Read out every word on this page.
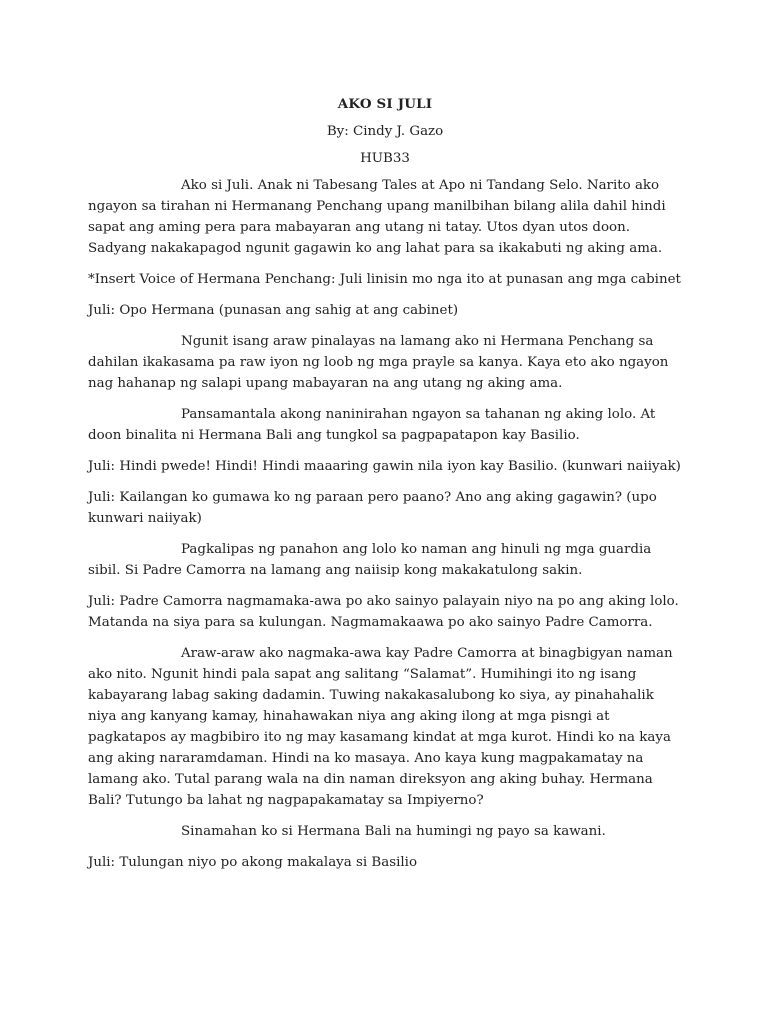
AKO SI JULI
By: Cindy J. Gazo
HUB33

Ako si Juli. Anak ni Tabesang Tales at Apo ni Tandang Selo. Narito ako ngayon sa tirahan ni Hermanang Penchang upang manilbihan bilang alila dahil hindi sapat ang aming pera para mabayaran ang utang ni tatay. Utos dyan utos doon. Sadyang nakakapagod ngunit gagawin ko ang lahat para sa ikakabuti ng aking ama.

*Insert Voice of Hermana Penchang: Juli linisin mo nga ito at punasan ang mga cabinet

Juli: Opo Hermana (punasan ang sahig at ang cabinet)

Ngunit isang araw pinalayas na lamang ako ni Hermana Penchang sa dahilan ikakasama pa raw iyon ng loob ng mga prayle sa kanya. Kaya eto ako ngayon nag hahanap ng salapi upang mabayaran na ang utang ng aking ama.

Pansamantala akong naninirahan ngayon sa tahanan ng aking lolo. At doon binalita ni Hermana Bali ang tungkol sa pagpapatapon kay Basilio.

Juli: Hindi pwede! Hindi! Hindi maaaring gawin nila iyon kay Basilio. (kunwari naiiyak)

Juli: Kailangan ko gumawa ko ng paraan pero paano? Ano ang aking gagawin? (upo kunwari naiiyak)

Pagkalipas ng panahon ang lolo ko naman ang hinuli ng mga guardia sibil. Si Padre Camorra na lamang ang naiisip kong makakatulong sakin.

Juli: Padre Camorra nagmamaka-awa po ako sainyo palayain niyo na po ang aking lolo. Matanda na siya para sa kulungan. Nagmamakaawa po ako sainyo Padre Camorra.

Araw-araw ako nagmaka-awa kay Padre Camorra at binagbigyan naman ako nito. Ngunit hindi pala sapat ang salitang “Salamat”. Humihingi ito ng isang kabayarang labag saking dadamin. Tuwing nakakasalubong ko siya, ay pinahahalik niya ang kanyang kamay, hinahawakan niya ang aking ilong at mga pisngi at pagkatapos ay magbibiro ito ng may kasamang kindat at mga kurot. Hindi ko na kaya ang aking nararamdaman. Hindi na ko masaya. Ano kaya kung magpakamatay na lamang ako. Tutal parang wala na din naman direksyon ang aking buhay. Hermana Bali? Tutungo ba lahat ng nagpapakamatay sa Impiyerno?

Sinamahan ko si Hermana Bali na humingi ng payo sa kawani.

Juli: Tulungan niyo po akong makalaya si Basilio
